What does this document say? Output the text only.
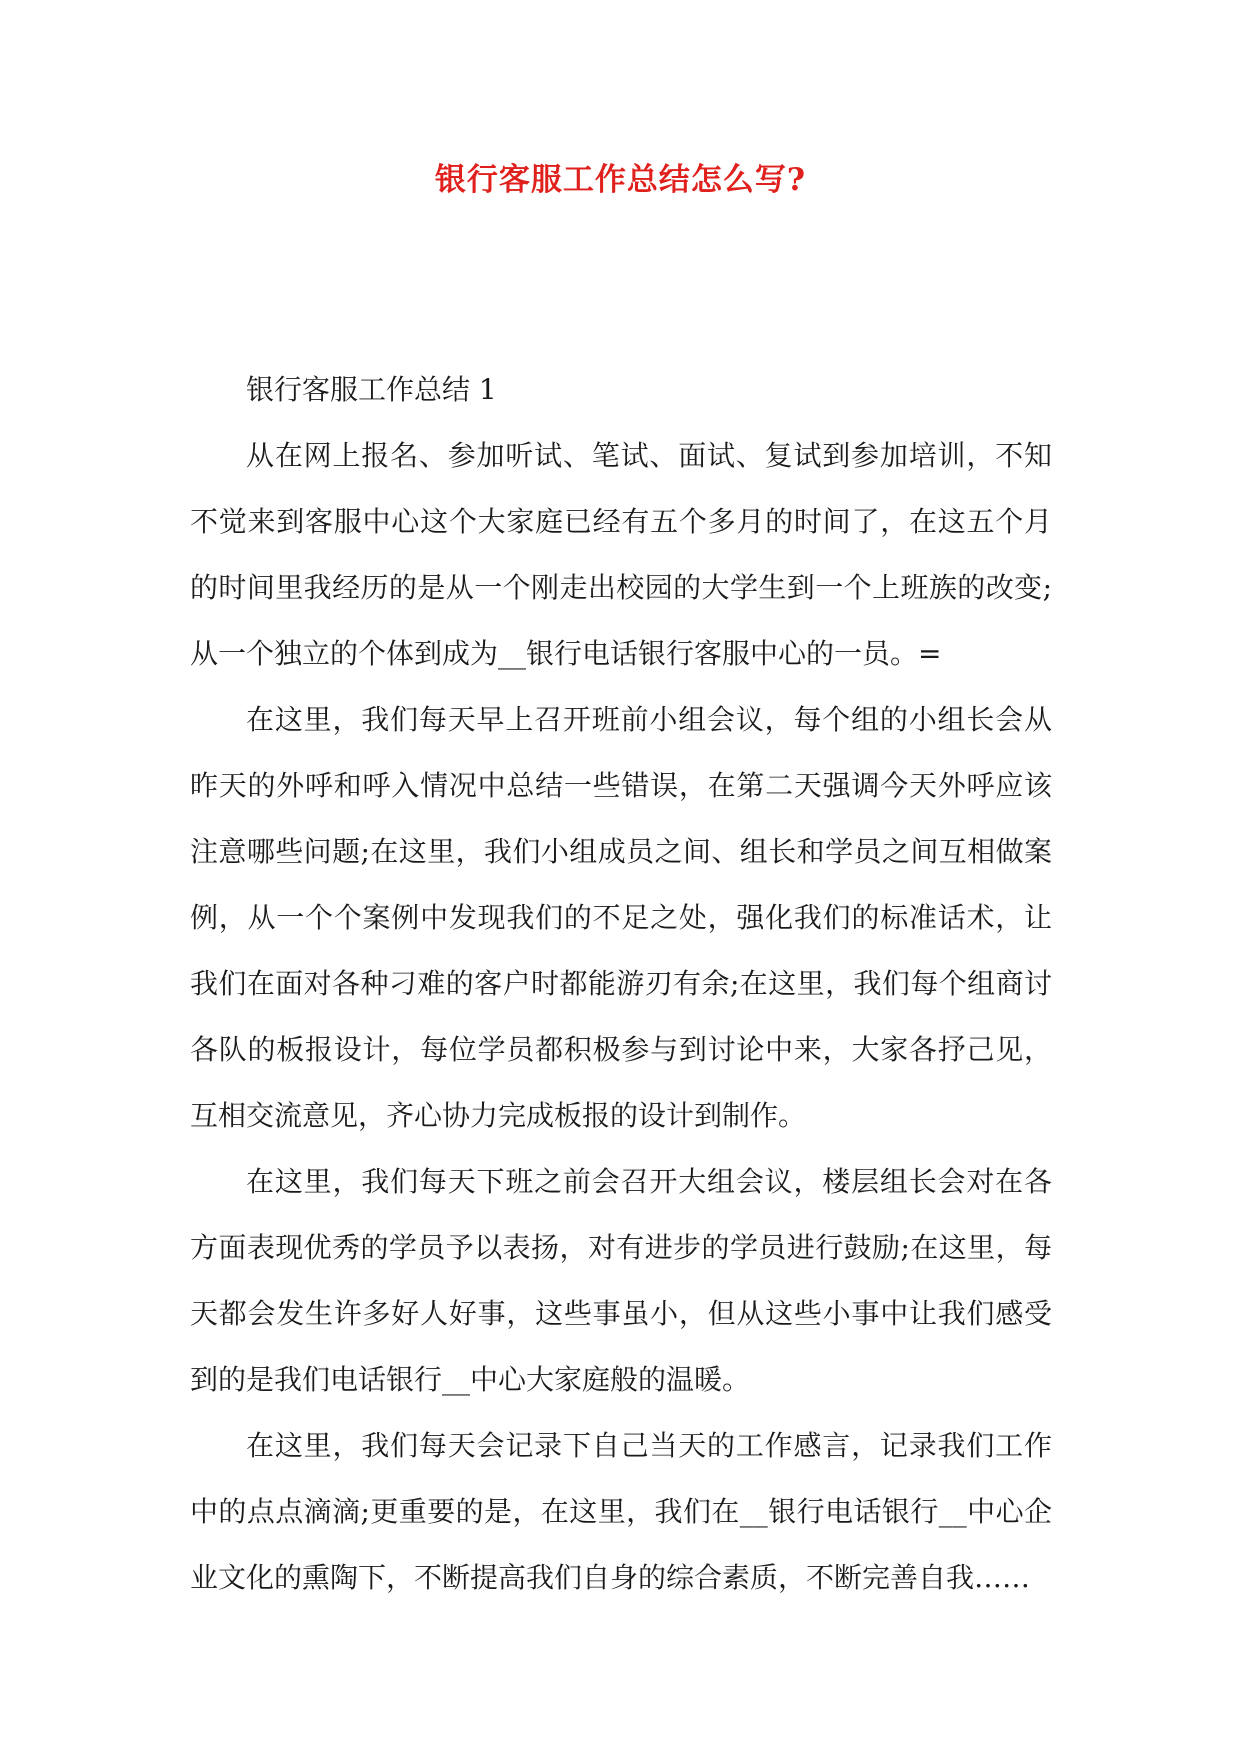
银行客服工作总结怎么写?

银行客服工作总结 1

从在网上报名、参加听试、笔试、面试、复试到参加培训，不知不觉来到客服中心这个大家庭已经有五个多月的时间了，在这五个月的时间里我经历的是从一个刚走出校园的大学生到一个上班族的改变;从一个独立的个体到成为__银行电话银行客服中心的一员。=

在这里，我们每天早上召开班前小组会议，每个组的小组长会从昨天的外呼和呼入情况中总结一些错误，在第二天强调今天外呼应该注意哪些问题;在这里，我们小组成员之间、组长和学员之间互相做案例，从一个个案例中发现我们的不足之处，强化我们的标准话术，让我们在面对各种刁难的客户时都能游刃有余;在这里，我们每个组商讨各队的板报设计，每位学员都积极参与到讨论中来，大家各抒己见，互相交流意见，齐心协力完成板报的设计到制作。

在这里，我们每天下班之前会召开大组会议，楼层组长会对在各方面表现优秀的学员予以表扬，对有进步的学员进行鼓励;在这里，每天都会发生许多好人好事，这些事虽小，但从这些小事中让我们感受到的是我们电话银行__中心大家庭般的温暖。

在这里，我们每天会记录下自己当天的工作感言，记录我们工作中的点点滴滴;更重要的是，在这里，我们在__银行电话银行__中心企业文化的熏陶下，不断提高我们自身的综合素质，不断完善自我……
